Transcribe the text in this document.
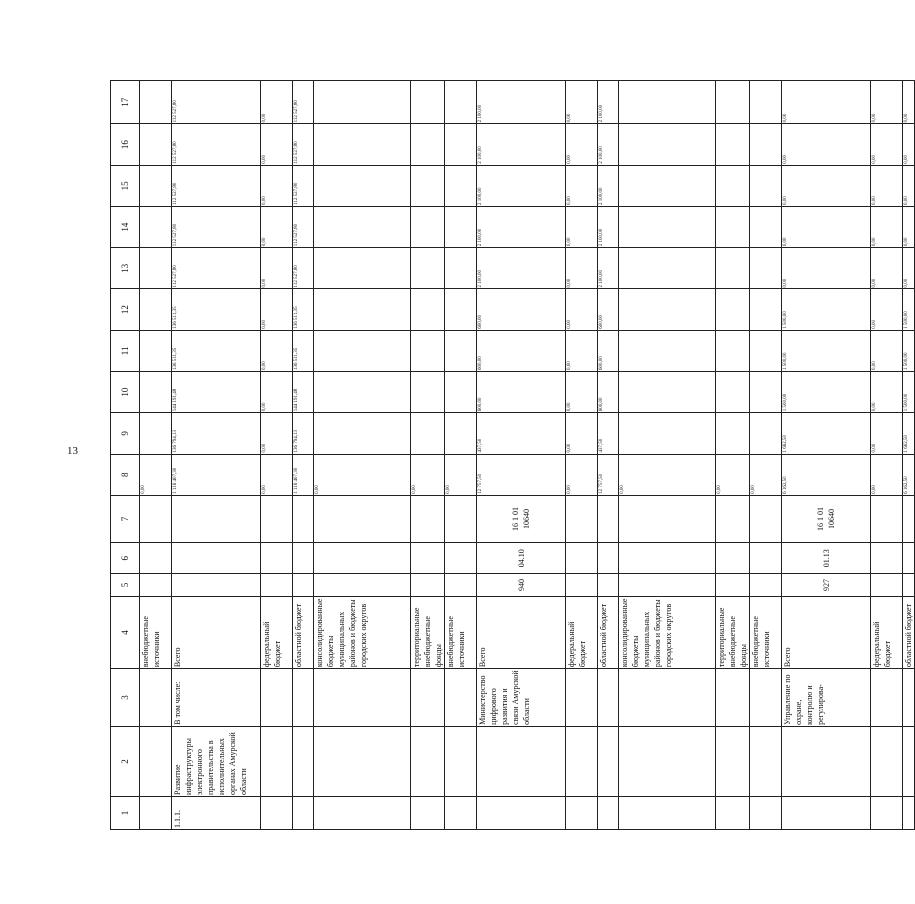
13
1	2	3	4	5	6	7	8	9	10	11	12	13	14	15	16	17
			внебюджетные источники				0,00									
1.1.1.	Развитие инфраструктуры электронного правительства в исполнительных органах Амурской области	В том числе:	Всего				1 116 407,30	136 794,13	144 191,48	136 511,35	136 511,35	112 527,80	112 527,80	112 527,80	112 527,80	112 527,80
			федеральный бюджет				0,00	0,00	0,00	0,00	0,00	0,00	0,00	0,00	0,00	0,00
			областной бюджет				1 116 407,30	136 794,13	144 191,48	136 511,35	136 511,35	112 527,80	112 527,80	112 527,80	112 527,80	112 527,80
			консолидированные бюджеты муниципальных районов и бюджеты городских округов				0,00									
			территориальные внебюджетные фонды				0,00									
			внебюджетные источники				0,00									
		Министерство цифрового развития и связи Амурской области	Всего	940	04.10	16 1 01 10640	12 757,50	437,50	600,00	600,00	600,00	2 100,00	2 100,00	2 100,00	2 100,00	2 100,00
			федеральный бюджет				0,00	0,00	0,00	0,00	0,00	0,00	0,00	0,00	0,00	0,00
			областной бюджет				12 757,50	437,50	600,00	600,00	600,00	2 100,00	2 100,00	2 100,00	2 100,00	2 100,00
			консолидированные бюджеты муниципальных районов и бюджеты городских округов				0,00									
			территориальные внебюджетные фонды				0,00									
			внебюджетные источники				0,00									
		Управление по охране, контролю и регулирова-	Всего	927	01.13	16 1 01 10640	6 162,50	1 662,50	1 500,00	1 500,00	1 500,00	0,00	0,00	0,00	0,00	0,00
			федеральный бюджет				0,00	0,00	0,00	0,00	0,00	0,00	0,00	0,00	0,00	0,00
			областной бюджет				6 162,50	1 662,50	1 500,00	1 500,00	1 500,00	0,00	0,00	0,00	0,00	0,00
